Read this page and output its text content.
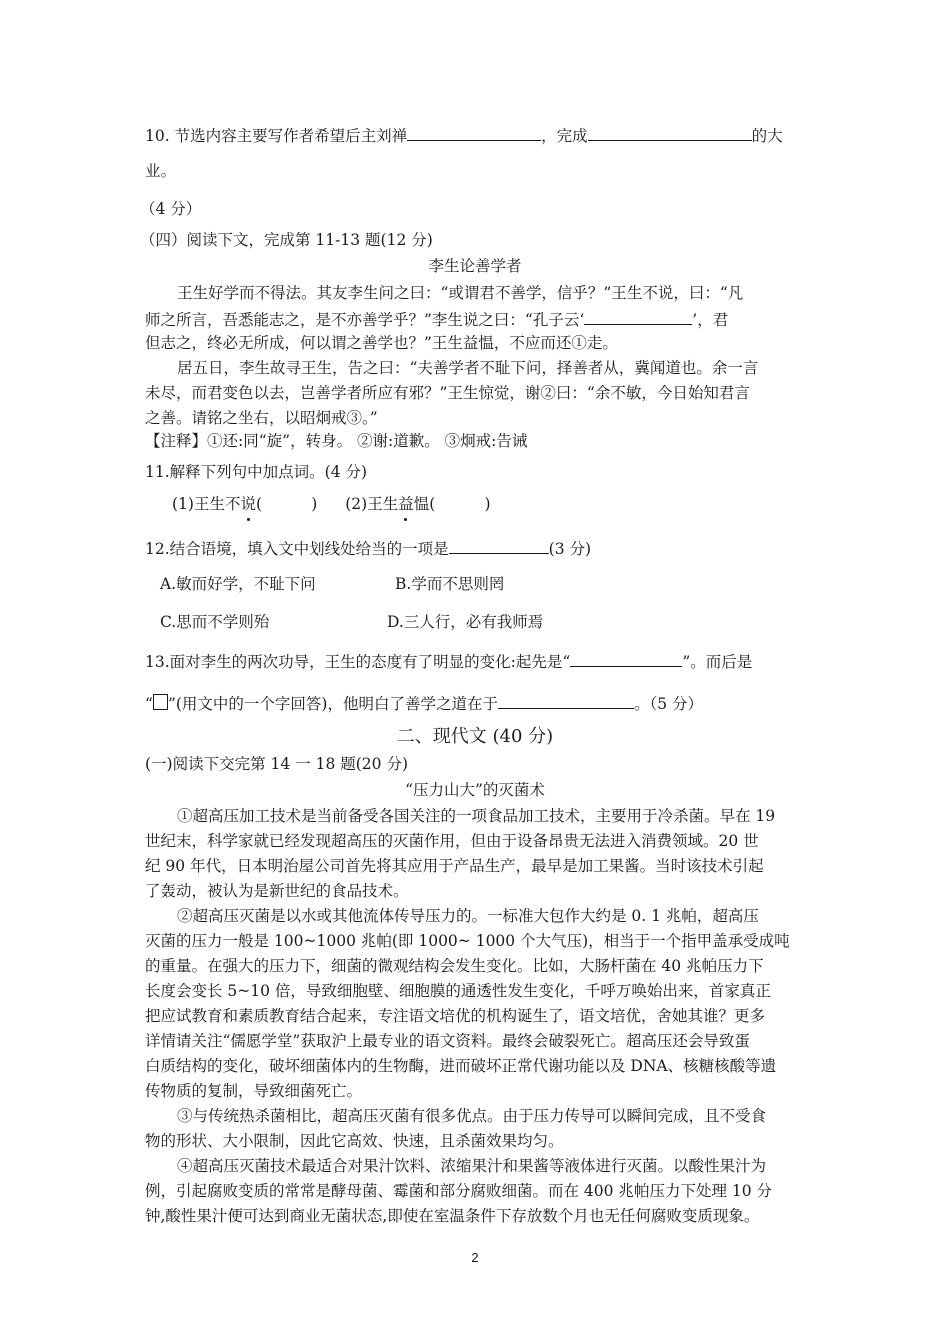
10. 节选内容主要写作者希望后主刘禅	，完成	的大
业。
（4 分）
（四）阅读下文，完成第 11-13 题(12 分)
李生论善学者
王生好学而不得法。其友李生问之曰：“或谓君不善学，信乎？”王生不说，曰：“凡
师之所言，吾悉能志之，是不亦善学乎？”李生说之曰：“孔子云‘	’，君
但志之，终必无所成，何以谓之善学也？”王生益愠，不应而还①走。
居五日，李生故寻王生，告之曰：“夫善学者不耻下问，择善者从，冀闻道也。余一言
未尽，而君变色以去，岂善学者所应有邪？”王生惊觉，谢②曰：“余不敏，今日始知君言
之善。请铭之坐右，以昭炯戒③。”
【注释】①还:同“旋”，转身。 ②谢:道歉。 ③炯戒:告诫
11.解释下列句中加点词。(4 分)
(1)王生不说
(          ) (2)王生益
愠(          )
12.结合语境，填入文中划线处给当的一项是	(3 分)
A.敏而好学，不耻下问	B.学而不思则罔
C.思而不学则殆	D.三人行，必有我师焉
13.面对李生的两次功导，王生的态度有了明显的变化:起先是“	”。而后是
“ ”(用文中的一个字回答)，他明白了善学之道在于	。（5 分）
二、现代文 (40 分)
(一)阅读下交完第 14 一 18 题(20 分)
“压力山大”的灭菌术
①超高压加工技术是当前备受各国关注的一项食品加工技术，主要用于冷杀菌。早在 19
世纪末，科学家就已经发现超高压的灭菌作用，但由于设备昂贵无法进入消费领域。20 世
纪 90 年代，日本明治屋公司首先将其应用于产品生产，最早是加工果酱。当时该技术引起
了轰动，被认为是新世纪的食品技术。
②超高压灭菌是以水或其他流体传导压力的。一标准大包作大约是 0. 1 兆帕，超高压
灭菌的压力一般是 100~1000 兆帕(即 1000~ 1000 个大气压)，相当于一个指甲盖承受成吨
的重量。在强大的压力下，细菌的微观结构会发生变化。比如，大肠杆菌在 40 兆帕压力下
长度会变长 5~10 倍，导致细胞壁、细胞膜的通透性发生变化，千呼万唤始出来，首家真正
把应试教育和素质教育结合起来，专注语文培优的机构诞生了，语文培优，舍她其谁？更多
详情请关注“儒愿学堂”获取沪上最专业的语文资料。最终会破裂死亡。超高压还会导致蛋
白质结构的变化，破坏细菌体内的生物酶，进而破坏正常代谢功能以及 DNA、核糖核酸等遗
传物质的复制，导致细菌死亡。
③与传统热杀菌相比，超高压灭菌有很多优点。由于压力传导可以瞬间完成，且不受食
物的形状、大小限制，因此它高效、快速，且杀菌效果均匀。
④超高压灭菌技术最适合对果汁饮料、浓缩果汁和果酱等液体进行灭菌。以酸性果汁为
例，引起腐败变质的常常是酵母菌、霉菌和部分腐败细菌。而在 400 兆帕压力下处理 10 分
钟,酸性果汁便可达到商业无菌状态,即使在室温条件下存放数个月也无任何腐败变质现象。
2
